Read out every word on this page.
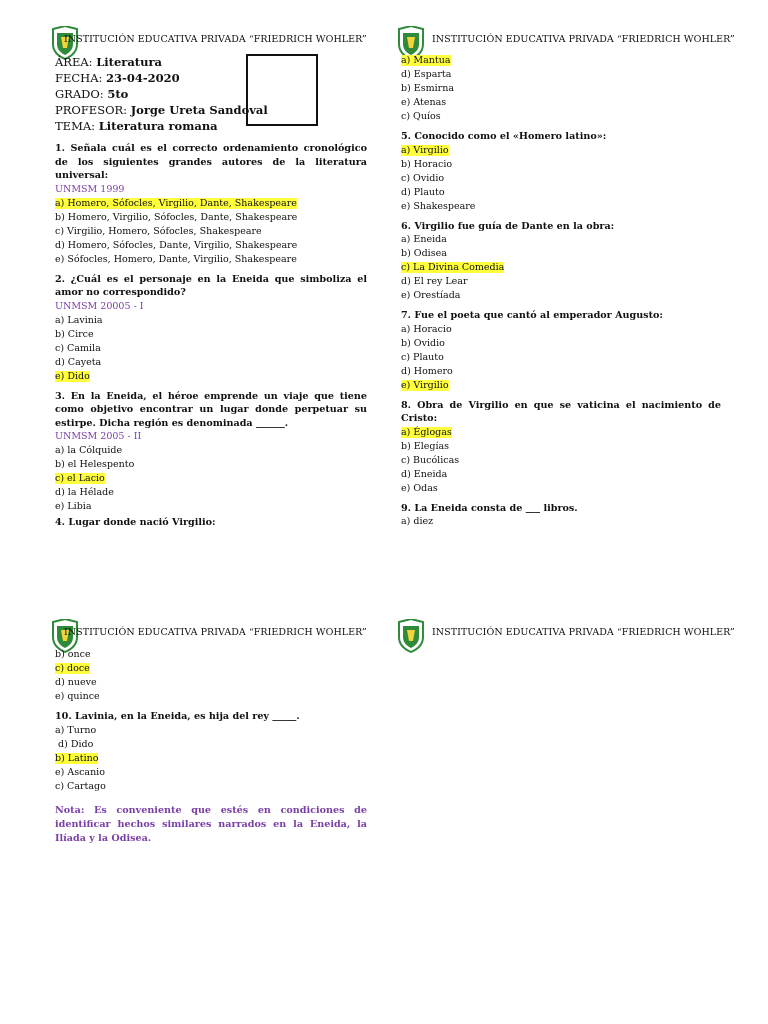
INSTITUCIÓN EDUCATIVA PRIVADA “FRIEDRICH WOHLER”	INSTITUCIÓN EDUCATIVA PRIVADA “FRIEDRICH WOHLER”
INSTITUCIÓN EDUCATIVA PRIVADA “FRIEDRICH WOHLER”	INSTITUCIÓN EDUCATIVA PRIVADA “FRIEDRICH WOHLER”
ÁREA: Literatura
FECHA: 23-04-2020
GRADO: 5to
PROFESOR: Jorge Ureta Sandoval
TEMA: Literatura romana
1. Señala cuál es el correcto ordenamiento cronológico de los siguientes grandes autores de la literatura universal:
UNMSM 1999
a) Homero, Sófocles, Virgilio, Dante, Shakespeare
b) Homero, Virgilio, Sófocles, Dante, Shakespeare
c) Virgilio, Homero, Sófocles, Shakespeare
d) Homero, Sófocles, Dante, Virgilio, Shakespeare
e) Sófocles, Homero, Dante, Virgilio, Shakespeare
2. ¿Cuál es el personaje en la Eneida que simboliza el amor no correspondido?
UNMSM 20005 - I
a) Lavinia
b) Circe
c) Camila
d) Cayeta
e) Dido
3. En la Eneida, el héroe emprende un viaje que tiene como objetivo encontrar un lugar donde perpetuar su estirpe. Dicha región es denominada ______.
UNMSM 2005 - II
a) la Cólquide
b) el Helespento
c) el Lacio
d) la Hélade
e) Libia
4. Lugar donde nació Virgilio:
a) Mantua
d) Esparta
b) Esmirna
e) Atenas
c) Quíos
5. Conocido como el «Homero latino»:
a) Virgilio
b) Horacio
c) Ovidio
d) Plauto
e) Shakespeare
6. Virgilio fue guía de Dante en la obra:
a) Eneida
b) Odisea
c) La Divina Comedia
d) El rey Lear
e) Orestíada
7. Fue el poeta que cantó al emperador Augusto:
a) Horacio
b) Ovidio
c) Plauto
d) Homero
e) Virgilio
8. Obra de Virgilio en que se vaticina el nacimiento de Cristo:
a) Églogas
b) Elegías
c) Bucólicas
d) Eneida
e) Odas
9. La Eneida consta de ___ libros.
a) diez
b) once
c) doce
d) nueve
e) quince
10. Lavinia, en la Eneida, es hija del rey _____.
a) Turno
d) Dido
b) Latino
e) Ascanio
c) Cartago
Nota: Es conveniente que estés en condiciones de identificar hechos similares narrados en la Eneida, la Ilíada y la Odisea.
